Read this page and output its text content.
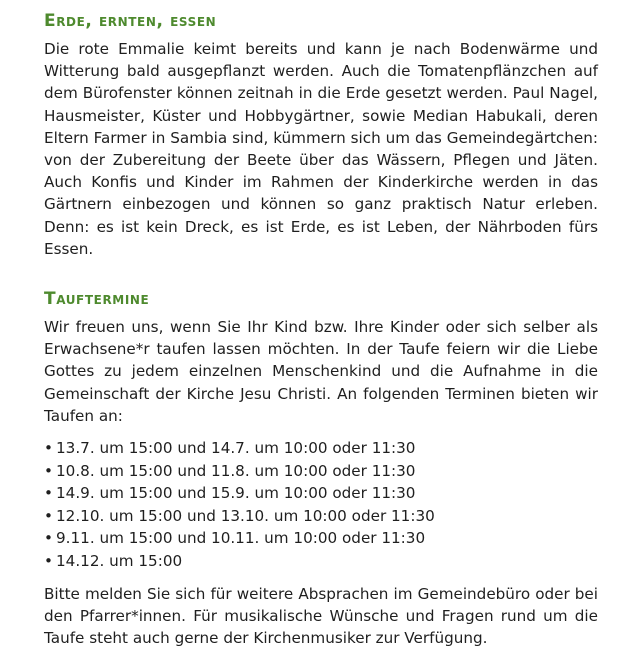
Erde, ernten, essen

Die rote Emmalie keimt bereits und kann je nach Bodenwärme und Witterung bald ausgepflanzt werden. Auch die Tomatenpflänzchen auf dem Bürofenster können zeitnah in die Erde gesetzt werden. Paul Nagel, Hausmeister, Küster und Hobbygärtner, sowie Median Habukali, deren Eltern Farmer in Sambia sind, kümmern sich um das Gemeindegärtchen: von der Zubereitung der Beete über das Wässern, Pflegen und Jäten. Auch Konfis und Kinder im Rahmen der Kinderkirche werden in das Gärtnern einbezogen und können so ganz praktisch Natur erleben. Denn: es ist kein Dreck, es ist Erde, es ist Leben, der Nährboden fürs Essen.

Tauftermine

Wir freuen uns, wenn Sie Ihr Kind bzw. Ihre Kinder oder sich selber als Erwachsene*r taufen lassen möchten. In der Taufe feiern wir die Liebe Gottes zu jedem einzelnen Menschenkind und die Aufnahme in die Gemeinschaft der Kirche Jesu Christi. An folgenden Terminen bieten wir Taufen an:

• 13.7. um 15:00 und 14.7. um 10:00 oder 11:30
• 10.8. um 15:00 und 11.8. um 10:00 oder 11:30
• 14.9. um 15:00 und 15.9. um 10:00 oder 11:30
• 12.10. um 15:00 und 13.10. um 10:00 oder 11:30
• 9.11. um 15:00 und 10.11. um 10:00 oder 11:30
• 14.12. um 15:00

Bitte melden Sie sich für weitere Absprachen im Gemeindebüro oder bei den Pfarrer*innen. Für musikalische Wünsche und Fragen rund um die Taufe steht auch gerne der Kirchenmusiker zur Verfügung.
